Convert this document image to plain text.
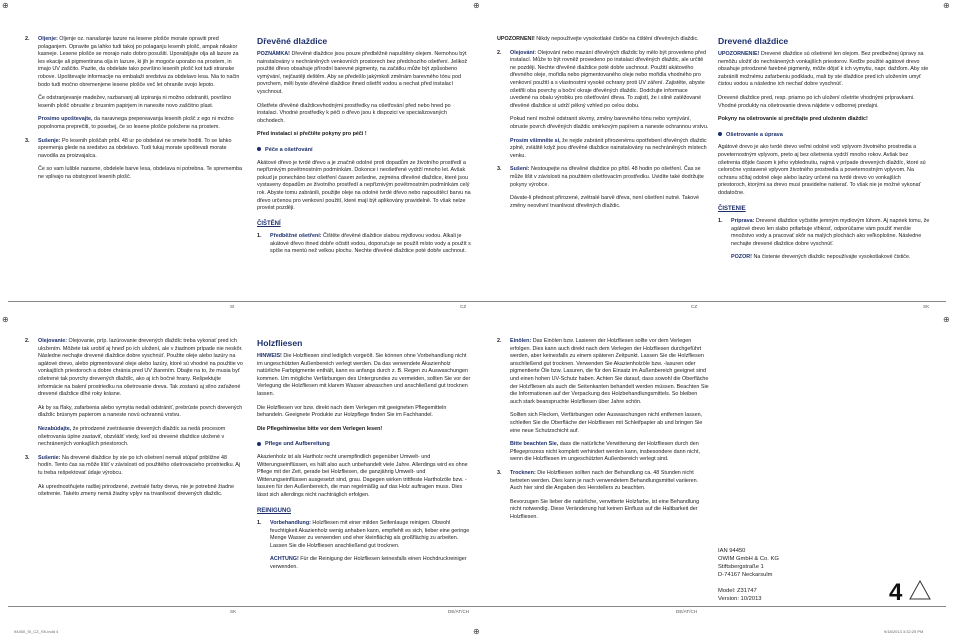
⊕	⊕	⊕
⊕	⊕
⊕
2.	Oljenje: Oljenje oz. nanašanje lazure na lesene plošče morate opraviti pred polaganjem. Opravite ga lahko tudi takoj po polaganju lesenih plošč, ampak nikakor kasneje. Lesene plošče se morajo nato dobro posušiti. Uporabljajte olja ali lazure za les ekacije ali pigmentirana olja in lazure, ki jih je mogoče uporabo na prostem, in imajo UV zaščito. Pazite, da obdelate tako površino lesenih plošč kot tudi stranske robove. Upoštevajte informacije na embalaži sredstva za obdelavo lesa. Nia to način bodo tudi močno obremenjene lesene plošče več let ohranile svojo lepoto.
Če odstranjevanje madežev, razbarvanj ali izpiranja ni možno odstraniti, površino lesenih plošč obrusite z brusnim papirjem in nanesite novo zaščitno plast.
Prosimo upoštevajte, da naravnega prepereavanja lesenih plošč z ego ni možno popolnoma preprečiti, to posebej, če so lesene plošče položene na prostem.
3.	Sušenje: Po lesenih ploščah pribl. 48 ur po obdelavi ne smete hoditi. To se lahko spremenja glede na sredstvo za obdelavo. Tudi tukaj morate upoštevati morate navodila za proizvajalca.
Če so vam lušble naravne, obdelele barve lesa, obdelava ni potrebna. Te sprememba ne vplivajo na obstojnost lesenih plošč.
Dřevěné dlaždice

POZNÁMKA! Dřevěné dlaždice jsou pouze předběžně napuštěny olejem. Nemohou být nainstalovány v nechráněných venkovních prostorech bez předchozího ošetření. Jelikož použité dřevo obsahuje přírodní barevné pigmenty, na začátku může být způsobeno vymývání, nejčastěji deštěm. Aby se předešlo jakýmkoli změnám barevného tónu pod povrchem, měli byste dřevěné dlaždice ihned ošetřit vodou a nechat před instalací vyschnout.

Ošetřete dřevěné dlaždicevhodnými prostředky na ošetřování před nebo hned po instalaci. Vhodné prostředky k péči o dřevo jsou k dispozici ve specializovaných obchodech.

Před instalací si přečtěte pokyny pro péči !

Péče a ošetřování

Akátové dřevo je tvrdé dřevo a je značně odolné proti dopadům ze životního prostředí a nepříznivým povětrnostním podmínkám. Dokonce i neošetřené vydrží mnoho let. Avšak pokud je ponecháno bez ošetření časem zešedne, zejména dřevěné dlaždice, které jsou vystaveny dopadům ze životního prostředí a nepříznivým povětrnostním podmínkám celý rok. Abyste tomu zabránili, použijte oleje na odolné tvrdé dřevo nebo napouštěcí barvu na dřevo určenou pro venkovní použití, které mají být aplikovány pravidelně. To však nelze provést později.

ČIŠTĚNÍ
1.	Předběžné ošetření: Čištěte dřevěné dlaždice slabou mýdlovou vodou. Alkali je akátové dřevo ihned dobře očistit vodou, doporučuje se použít místo vody a použít s spíše na mentú než velkou plochu. Nechte dřevěné dlaždice poté dobře uschnout.

UPOZORNENI! Nikdy nepoužívejte vysokotlaké čističe na čištění dřevěných dlaždic.

2.	Olejování: Olejování nebo mazání dřevěných dlaždic by mělo být provedeno před instalací. Může to být rovněž provedeno po instalaci dřevěných dlaždic, ale určitě ne později. Nechte dřevěné dlaždice poté dobře uschnout. Použití akátového dřevného oleje, mořidla nebo pigmentovaného oleje nebo mořidla vhodného pro venkovní použití a s vlastnostmi vysoké ochrany proti UV záření. Zajistěte, abyste ošetřili oba povrchy a boční okraje dřevěných dlaždic. Dodržujte informace uvedené na obalu výrobku pro ošetřování dřeva. To zajistí, že i silně zatěžované dřevěné dlaždice si udrží pěkný vzhled po celou dobu.
Pokud není možné odstranit skvrny, změny barevného tónu nebo vymývání, obruste povrch dřevěných dlaždic smirkovým papírem a naneste ochrannou vrstvu.
Prosím všimněte si, že nejde zabránit přirozenému opotřebení dřevěných dlaždic zplně, zvláště když jsou dřevěné dlaždice nainstalovány na nechráněných místech venku.
3.	Sušení: Nestoupejte na dřevěné dlaždice po přibl. 48 hodin po ošetření. Čas se může lišit v závislosti na použitém ošetřovacím prostředku. Uvidíte také dodržujte pokyny výrobce.
Dávate-li přednost přirozené, zvětralé barvě dřeva, není ošetření nutné. Takové změny neovlivní trvanlivost dřevěných dlaždic.
Drevené dlaždice

UPOZORNENIE! Drevené dlaždice sú ošetrené len olejom. Bez predbežnej úpravy sa nemôžu uložiť do nechránených vonkajších priestorov. Keďže použité agátové drevo obsahuje prirodzené farebné pigmenty, môže dôjsť k ich vymytiu, napr. dažďom. Aby ste zabránili možnému zafarbeniu podkladu, mali by ste dlaždice pred ich uložením umyť čistou vodou a následne ich nechať dobre vyschnúť.

Drevené dlaždice pred, resp. priamo po ich uložení ošetrite vhodnými prípravkami. Vhodné produkty na ošetrovanie dreva nájdete v odbornej predajni.

Pokyny na ošetrovanie si prečítajte pred uložením dlaždíc!

Ošetrovanie a úprava

Agátové drevo je ako tvrdé drevo veľmi odolné voči vplyvom životného prostredia a poveternostným vplyvom, preto aj bez ošetrenia vydrží mnoho rokov. Avšak bez ošetrenia dôjde časom k jeho vyblednutiu, najmä v prípade drevených dlaždíc, ktoré sú celoročne vystavené vplyvom životného prostredia a poveternostným vplyvom. Na ochranu sčítaj odolné oleje alebo lazúry určené na tvrdé drevo vo vonkajších priestoroch, ktorými sa drevo musí pravidelne natierať. To však nie je možné vykonať dodatočne.

ČISTENIE
1.	Príprava: Drevené dlaždice vyčistite jemným mydlovým lúhom. Aj napriek tomu, že agátové drevo len slabo prifarbuje vlhkosť, odporúčame vám použiť menšie množstvo vody a pracovať skôr na malých plochách ako veľkoplošne. Následne nechajte drevené dlaždice dobre vyschnúť.
POZOR! Na čistenie drevených dlaždíc nepoužívajte vysokotlakové čističe.
SI	CZ	CZ	SK
2.	Olejovanie: Olejovanie, príp. lazúrovanie drevených dlaždíc treba vykonať pred ich uložením. Môžete tak urobiť aj hneď po ich uložení, ale v žiadnom prípade nie neskôr. Následne nechajte drevené dlaždice dobre vyschnúť. Použite oleje alebo lazúry na agátové drevo, alebo pigmentované oleje alebo lazúry, ktoré sú vhodné na použitie vo vonkajších priestoroch a dobre chránia pred UV žiarením. Dbajte na to, že musia byť ošetrené tak povrchy drevených dlaždíc, ako aj ich bočné hrany. Rešpektujte informácie na balení prostriedku na ošetrovanie dreva. Tak zostanú aj silno zaťažené drevené dlaždice dlhé roky krásne.
Ak by sa fľaky, zafarbenia alebo vymytia nedali odstrániť, prebrúste povrch drevených dlaždíc brúsnym papierom a naneste novú ochrannú vrstvu.
Nezabúdajte, že prirodzené zvetrávanie drevených dlaždíc sa nedá procesom ošetrovania úplne zastaviť, obzvlášť vtedy, keď sú drevené dlaždice uložené v nechránených vonkajších priestoroch.
3.	Sušenie: Na drevené dlaždice by ste po ich ošetrení nemali stúpať približne 48 hodín. Tento čas sa môže líšiť v závislosti od použitého ošetrovacieho prostriedku. Aj tu treba rešpektovať údaje výrobcu.
Ak uprednostňujete radšej prirodzené, zvetralé farby dreva, nie je potrebné žiadne ošetrenie. Takéto zmeny nemá žiadny vplyv na trvanlivosť drevených dlaždíc.
Holzfliesen

HINWEIS! Die Holzfliesen sind lediglich vorgeölt. Sie können ohne Vorbehandlung nicht im ungeschützten Außenbereich verlegt werden. Da das verwendete Akazienholz natürliche Farbpigmente enthält, kann es anfangs durch z. B. Regen zu Auswaschungen kommen. Um mögliche Verfärbungen des Untergrundes zu vermeiden, sollten Sie vor der Verlegung die Holzfliesen mit klarem Wasser abwaschen und anschließend gut trocknen lassen.

Die Holzfliesen vor bzw. direkt nach dem Verlegen mit geeigneten Pflegemitteln behandeln. Geeignete Produkte zur Holzpflege finden Sie im Fachhandel.

Die Pflegehinweise bitte vor dem Verlegen lesen!

Pflege und Aufbereitung

Akazienholz ist als Hartholz recht unempfindlich gegenüber Umwelt- und Witterungseinflüssen, es hält also auch unbehandelt viele Jahre. Allerdings wird es ohne Pflege mit der Zeit, gerade bei Holzfliesen, die ganzjährig Umwelt- und Witterungseinflüssen ausgesetzt sind, grau. Dagegen wirken trittfeste Hartholzöle bzw. -lasuren für den Außenbereich, die man regelmäßig auf das Holz auftragen muss. Dies lässt sich allerdings nicht nachträglich erfolgen.

REINIGUNG
1.	Vorbehandlung: Holzfliesen mit einer milden Seifenlauge reinigen. Obwohl feuchtigkeit Akazienholz wenig anhaben kann, empfiehlt es sich, lieber eine geringe Menge Wasser zu verwenden und eher kleinflächig als großflächig zu arbeiten. Lassen Sie die Holzfliesen anschließend gut trocknen.
ACHTUNG! Für die Reinigung der Holzfliesen keinesfalls einen Hochdruckreiniger verwenden.
2.	Einölen: Das Einölen bzw. Lasieren der Holzfliesen sollte vor dem Verlegen erfolgen. Dies kann auch direkt nach dem Verlegen der Holzfliesen durchgeführt werden, aber keinesfalls zu einem späteren Zeitpunkt. Lassen Sie die Holzfliesen anschließend gut trocknen. Verwenden Sie Akazienholzöle bzw. -lasuren oder pigmentierte Öle bzw. Lasuren, die für den Einsatz im Außenbereich geeignet sind und einen hohen UV-Schutz haben. Achten Sie darauf, dass sowohl die Oberfläche der Holzfliesen als auch die Seitenkanten behandelt werden müssen. Beachten Sie die Informationen auf der Verpackung des Holzbehandlungsmittels. So bleiben auch stark beanspruchte Holzfliesen über Jahre schön.
Sollten sich Flecken, Verfärbungen oder Auswaschungen nicht entfernen lassen, schleifen Sie die Oberfläche der Holzfliesen mit Schleifpapier ab und bringen Sie eine neue Schutzschicht auf.
Bitte beachten Sie, dass die natürliche Verwitterung der Holzfliesen durch den Pflegeprozess nicht komplett verhindert werden kann, insbesondere dann nicht, wenn die Holzfliesen im ungeschützten Außenbereich verlegt sind.
3.	Trocknen: Die Holzfliesen sollten nach der Behandlung ca. 48 Stunden nicht betreten werden. Dies kann je nach verwendetem Behandlungsmittel variieren. Auch hier sind die Angaben des Herstellers zu beachten.
Bevorzugen Sie lieber die natürliche, verwitterte Holzfarbe, ist eine Behandlung nicht notwendig. Diese Veränderung hat keinen Einfluss auf die Haltbarkeit der Holzfliesen.
IAN 94450
OWIM GmbH & Co. KG
Stiftsbergstraße 1
D-74167 Neckarsulm

Model: Z31747
Version: 10/2013	4
SK	DE/AT/CH	DE/AT/CH
94450_SI_CZ_SK.indd 4	9/18/2013 3:32:25 PM
